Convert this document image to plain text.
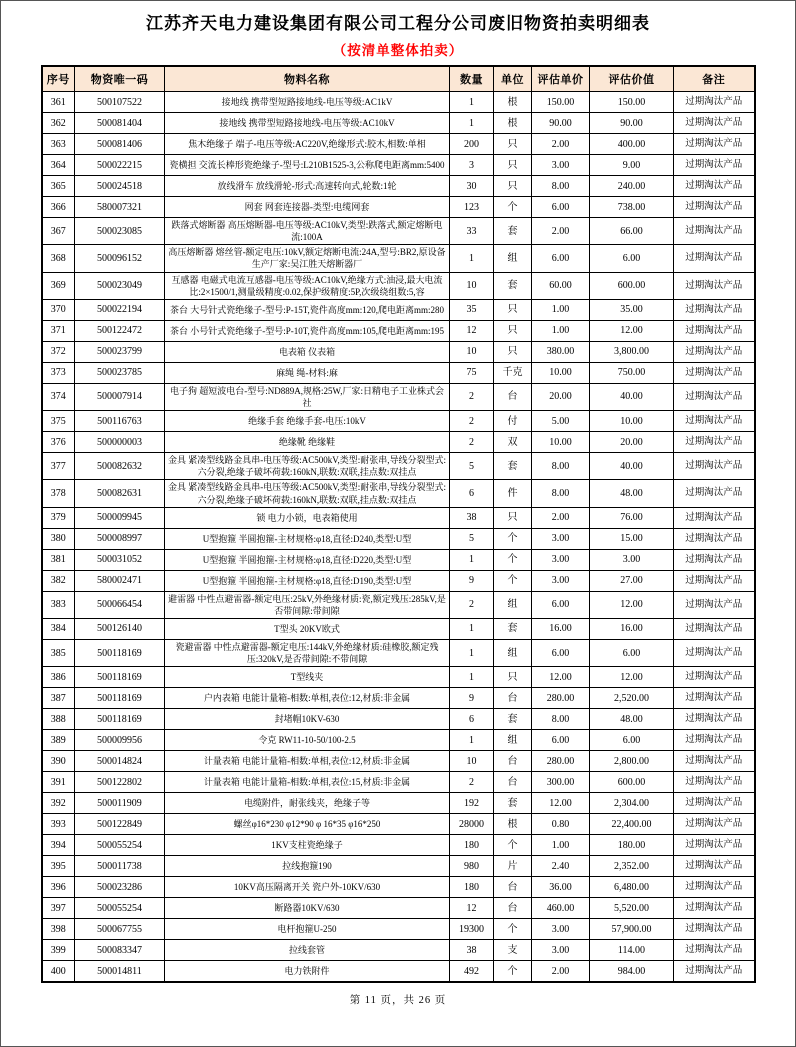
江苏齐天电力建设集团有限公司工程分公司废旧物资拍卖明细表
（按清单整体拍卖）
序号	物资唯一码	物料名称	数量	单位	评估单价	评估价值	备注
361	500107522	接地线 携带型短路接地线-电压等级:AC1kV	1	根	150.00	150.00	过期淘汰产品
362	500081404	接地线 携带型短路接地线-电压等级:AC10kV	1	根	90.00	90.00	过期淘汰产品
363	500081406	焦木绝缘子 端子-电压等级:AC220V,绝缘形式:胶木,相数:单相	200	只	2.00	400.00	过期淘汰产品
364	500022215	瓷横担 交流长棒形瓷绝缘子-型号:L210B1525-3,公称爬电距离mm:5400	3	只	3.00	9.00	过期淘汰产品
365	500024518	放线滑车 放线滑轮-形式:高速转向式,轮数:1轮	30	只	8.00	240.00	过期淘汰产品
366	580007321	网套 网套连接器-类型:电缆网套	123	个	6.00	738.00	过期淘汰产品
367	500023085	跌落式熔断器 高压熔断器-电压等级:AC10kV,类型:跌落式,额定熔断电流:100A	33	套	2.00	66.00	过期淘汰产品
368	500096152	高压熔断器 熔丝管-额定电压:10kV,额定熔断电流:24A,型号:BR2,原设备生产厂家:吴江胜天熔断器厂	1	组	6.00	6.00	过期淘汰产品
369	500023049	互感器 电磁式电流互感器-电压等级:AC10kV,绝缘方式:油浸,最大电流比:2×1500/1,测量级精度:0.02,保护级精度:5P,次级绕组数:5,容	10	套	60.00	600.00	过期淘汰产品
370	500022194	茶台 大号针式瓷绝缘子-型号:P-15T,瓷件高度mm:120,爬电距离mm:280	35	只	1.00	35.00	过期淘汰产品
371	500122472	茶台 小号针式瓷绝缘子-型号:P-10T,瓷件高度mm:105,爬电距离mm:195	12	只	1.00	12.00	过期淘汰产品
372	500023799	电表箱 仪表箱	10	只	380.00	3,800.00	过期淘汰产品
373	500023785	麻绳 绳-材料:麻	75	千克	10.00	750.00	过期淘汰产品
374	500007914	电子狗 超短波电台-型号:ND889A,规格:25W,厂家:日精电子工业株式会社	2	台	20.00	40.00	过期淘汰产品
375	500116763	绝缘手套 绝缘手套-电压:10kV	2	付	5.00	10.00	过期淘汰产品
376	500000003	绝缘靴 绝缘鞋	2	双	10.00	20.00	过期淘汰产品
377	500082632	金具 紧凑型线路金具串-电压等级:AC500kV,类型:耐张串,导线分裂型式:六分裂,绝缘子破坏荷载:160kN,联数:双联,挂点数:双挂点	5	套	8.00	40.00	过期淘汰产品
378	500082631	金具 紧凑型线路金具串-电压等级:AC500kV,类型:耐张串,导线分裂型式:六分裂,绝缘子破坏荷载:160kN,联数:双联,挂点数:双挂点	6	件	8.00	48.00	过期淘汰产品
379	500009945	锁 电力小锁，电表箱使用	38	只	2.00	76.00	过期淘汰产品
380	500008997	U型抱箍 半圆抱箍-主材规格:φ18,直径:D240,类型:U型	5	个	3.00	15.00	过期淘汰产品
381	500031052	U型抱箍 半圆抱箍-主材规格:φ18,直径:D220,类型:U型	1	个	3.00	3.00	过期淘汰产品
382	580002471	U型抱箍 半圆抱箍-主材规格:φ18,直径:D190,类型:U型	9	个	3.00	27.00	过期淘汰产品
383	500066454	避雷器 中性点避雷器-额定电压:25kV,外绝缘材质:瓷,额定残压:285kV,是否带间隙:带间隙	2	组	6.00	12.00	过期淘汰产品
384	500126140	T型头 20KV欧式	1	套	16.00	16.00	过期淘汰产品
385	500118169	瓷避雷器 中性点避雷器-额定电压:144kV,外绝缘材质:硅橡胶,额定残压:320kV,是否带间隙:不带间隙	1	组	6.00	6.00	过期淘汰产品
386	500118169	T型线夹	1	只	12.00	12.00	过期淘汰产品
387	500118169	户内表箱 电能计量箱-相数:单相,表位:12,材质:非金属	9	台	280.00	2,520.00	过期淘汰产品
388	500118169	封堵帽10KV-630	6	套	8.00	48.00	过期淘汰产品
389	500009956	令克 RW11-10-50/100-2.5	1	组	6.00	6.00	过期淘汰产品
390	500014824	计量表箱 电能计量箱-相数:单相,表位:12,材质:非金属	10	台	280.00	2,800.00	过期淘汰产品
391	500122802	计量表箱 电能计量箱-相数:单相,表位:15,材质:非金属	2	台	300.00	600.00	过期淘汰产品
392	500011909	电缆附件，耐张线夹，绝缘子等	192	套	12.00	2,304.00	过期淘汰产品
393	500122849	螺丝φ16*230 φ12*90 φ 16*35 φ16*250	28000	根	0.80	22,400.00	过期淘汰产品
394	500055254	1KV支柱瓷绝缘子	180	个	1.00	180.00	过期淘汰产品
395	500011738	拉线抱箍190	980	片	2.40	2,352.00	过期淘汰产品
396	500023286	10KV高压隔离开关 瓷户外-10KV/630	180	台	36.00	6,480.00	过期淘汰产品
397	500055254	断路器10KV/630	12	台	460.00	5,520.00	过期淘汰产品
398	500067755	电杆抱箍U-250	19300	个	3.00	57,900.00	过期淘汰产品
399	500083347	拉线套管	38	支	3.00	114.00	过期淘汰产品
400	500014811	电力铁附件	492	个	2.00	984.00	过期淘汰产品
第 11 页，共 26 页
